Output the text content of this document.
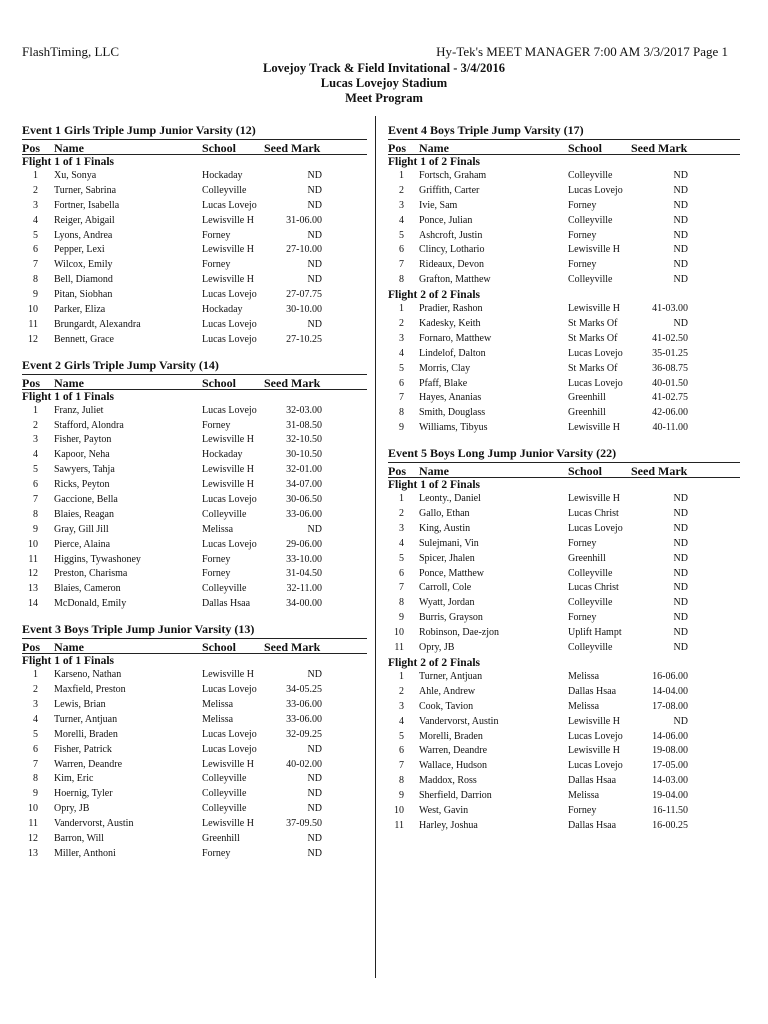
FlashTiming, LLC	Hy-Tek's MEET MANAGER 7:00 AM 3/3/2017 Page 1
Lovejoy Track & Field Invitational - 3/4/2016
Lucas Lovejoy Stadium
Meet Program
Event 1 Girls Triple Jump Junior Varsity (12)
Pos Name	School Seed Mark
Flight 1 of 1 Finals
1 Xu, Sonya	Hockaday	ND
2 Turner, Sabrina	Colleyville	ND
3 Fortner, Isabella	Lucas Lovejo	ND
4 Reiger, Abigail	Lewisville H	31-06.00
5 Lyons, Andrea	Forney	ND
6 Pepper, Lexi	Lewisville H	27-10.00
7 Wilcox, Emily	Forney	ND
8 Bell, Diamond	Lewisville H	ND
9 Pitan, Siobhan	Lucas Lovejo	27-07.75
10 Parker, Eliza	Hockaday	30-10.00
11 Brungardt, Alexandra	Lucas Lovejo	ND
12 Bennett, Grace	Lucas Lovejo	27-10.25
Event 2 Girls Triple Jump Varsity (14)
Pos Name	School Seed Mark
Flight 1 of 1 Finals
1 Franz, Juliet	Lucas Lovejo	32-03.00
2 Stafford, Alondra	Forney	31-08.50
3 Fisher, Payton	Lewisville H	32-10.50
4 Kapoor, Neha	Hockaday	30-10.50
5 Sawyers, Tahja	Lewisville H	32-01.00
6 Ricks, Peyton	Lewisville H	34-07.00
7 Gaccione, Bella	Lucas Lovejo	30-06.50
8 Blaies, Reagan	Colleyville	33-06.00
9 Gray, Gill Jill	Melissa	ND
10 Pierce, Alaina	Lucas Lovejo	29-06.00
11 Higgins, Tywashoney	Forney	33-10.00
12 Preston, Charisma	Forney	31-04.50
13 Blaies, Cameron	Colleyville	32-11.00
14 McDonald, Emily	Dallas Hsaa	34-00.00
Event 3 Boys Triple Jump Junior Varsity (13)
Pos Name	School Seed Mark
Flight 1 of 1 Finals
1 Karseno, Nathan	Lewisville H	ND
2 Maxfield, Preston	Lucas Lovejo	34-05.25
3 Lewis, Brian	Melissa	33-06.00
4 Turner, Antjuan	Melissa	33-06.00
5 Morelli, Braden	Lucas Lovejo	32-09.25
6 Fisher, Patrick	Lucas Lovejo	ND
7 Warren, Deandre	Lewisville H	40-02.00
8 Kim, Eric	Colleyville	ND
9 Hoernig, Tyler	Colleyville	ND
10 Opry, JB	Colleyville	ND
11 Vandervorst, Austin	Lewisville H	37-09.50
12 Barron, Will	Greenhill	ND
13 Miller, Anthoni	Forney	ND
Event 4 Boys Triple Jump Varsity (17)
Pos Name	School Seed Mark
Flight 1 of 2 Finals
1 Fortsch, Graham	Colleyville	ND
2 Griffith, Carter	Lucas Lovejo	ND
3 Ivie, Sam	Forney	ND
4 Ponce, Julian	Colleyville	ND
5 Ashcroft, Justin	Forney	ND
6 Clincy, Lothario	Lewisville H	ND
7 Rideaux, Devon	Forney	ND
8 Grafton, Matthew	Colleyville	ND
Flight 2 of 2 Finals
1 Pradier, Rashon	Lewisville H	41-03.00
2 Kadesky, Keith	St Marks Of	ND
3 Fornaro, Matthew	St Marks Of	41-02.50
4 Lindelof, Dalton	Lucas Lovejo	35-01.25
5 Morris, Clay	St Marks Of	36-08.75
6 Pfaff, Blake	Lucas Lovejo	40-01.50
7 Hayes, Ananias	Greenhill	41-02.75
8 Smith, Douglass	Greenhill	42-06.00
9 Williams, Tibyus	Lewisville H	40-11.00
Event 5 Boys Long Jump Junior Varsity (22)
Pos Name	School Seed Mark
Flight 1 of 2 Finals
1 Leonty., Daniel	Lewisville H	ND
2 Gallo, Ethan	Lucas Christ	ND
3 King, Austin	Lucas Lovejo	ND
4 Sulejmani, Vin	Forney	ND
5 Spicer, Jhalen	Greenhill	ND
6 Ponce, Matthew	Colleyville	ND
7 Carroll, Cole	Lucas Christ	ND
8 Wyatt, Jordan	Colleyville	ND
9 Burris, Grayson	Forney	ND
10 Robinson, Dae-zjon	Uplift Hampt	ND
11 Opry, JB	Colleyville	ND
Flight 2 of 2 Finals
1 Turner, Antjuan	Melissa	16-06.00
2 Ahle, Andrew	Dallas Hsaa	14-04.00
3 Cook, Tavion	Melissa	17-08.00
4 Vandervorst, Austin	Lewisville H	ND
5 Morelli, Braden	Lucas Lovejo	14-06.00
6 Warren, Deandre	Lewisville H	19-08.00
7 Wallace, Hudson	Lucas Lovejo	17-05.00
8 Maddox, Ross	Dallas Hsaa	14-03.00
9 Sherfield, Darrion	Melissa	19-04.00
10 West, Gavin	Forney	16-11.50
11 Harley, Joshua	Dallas Hsaa	16-00.25
